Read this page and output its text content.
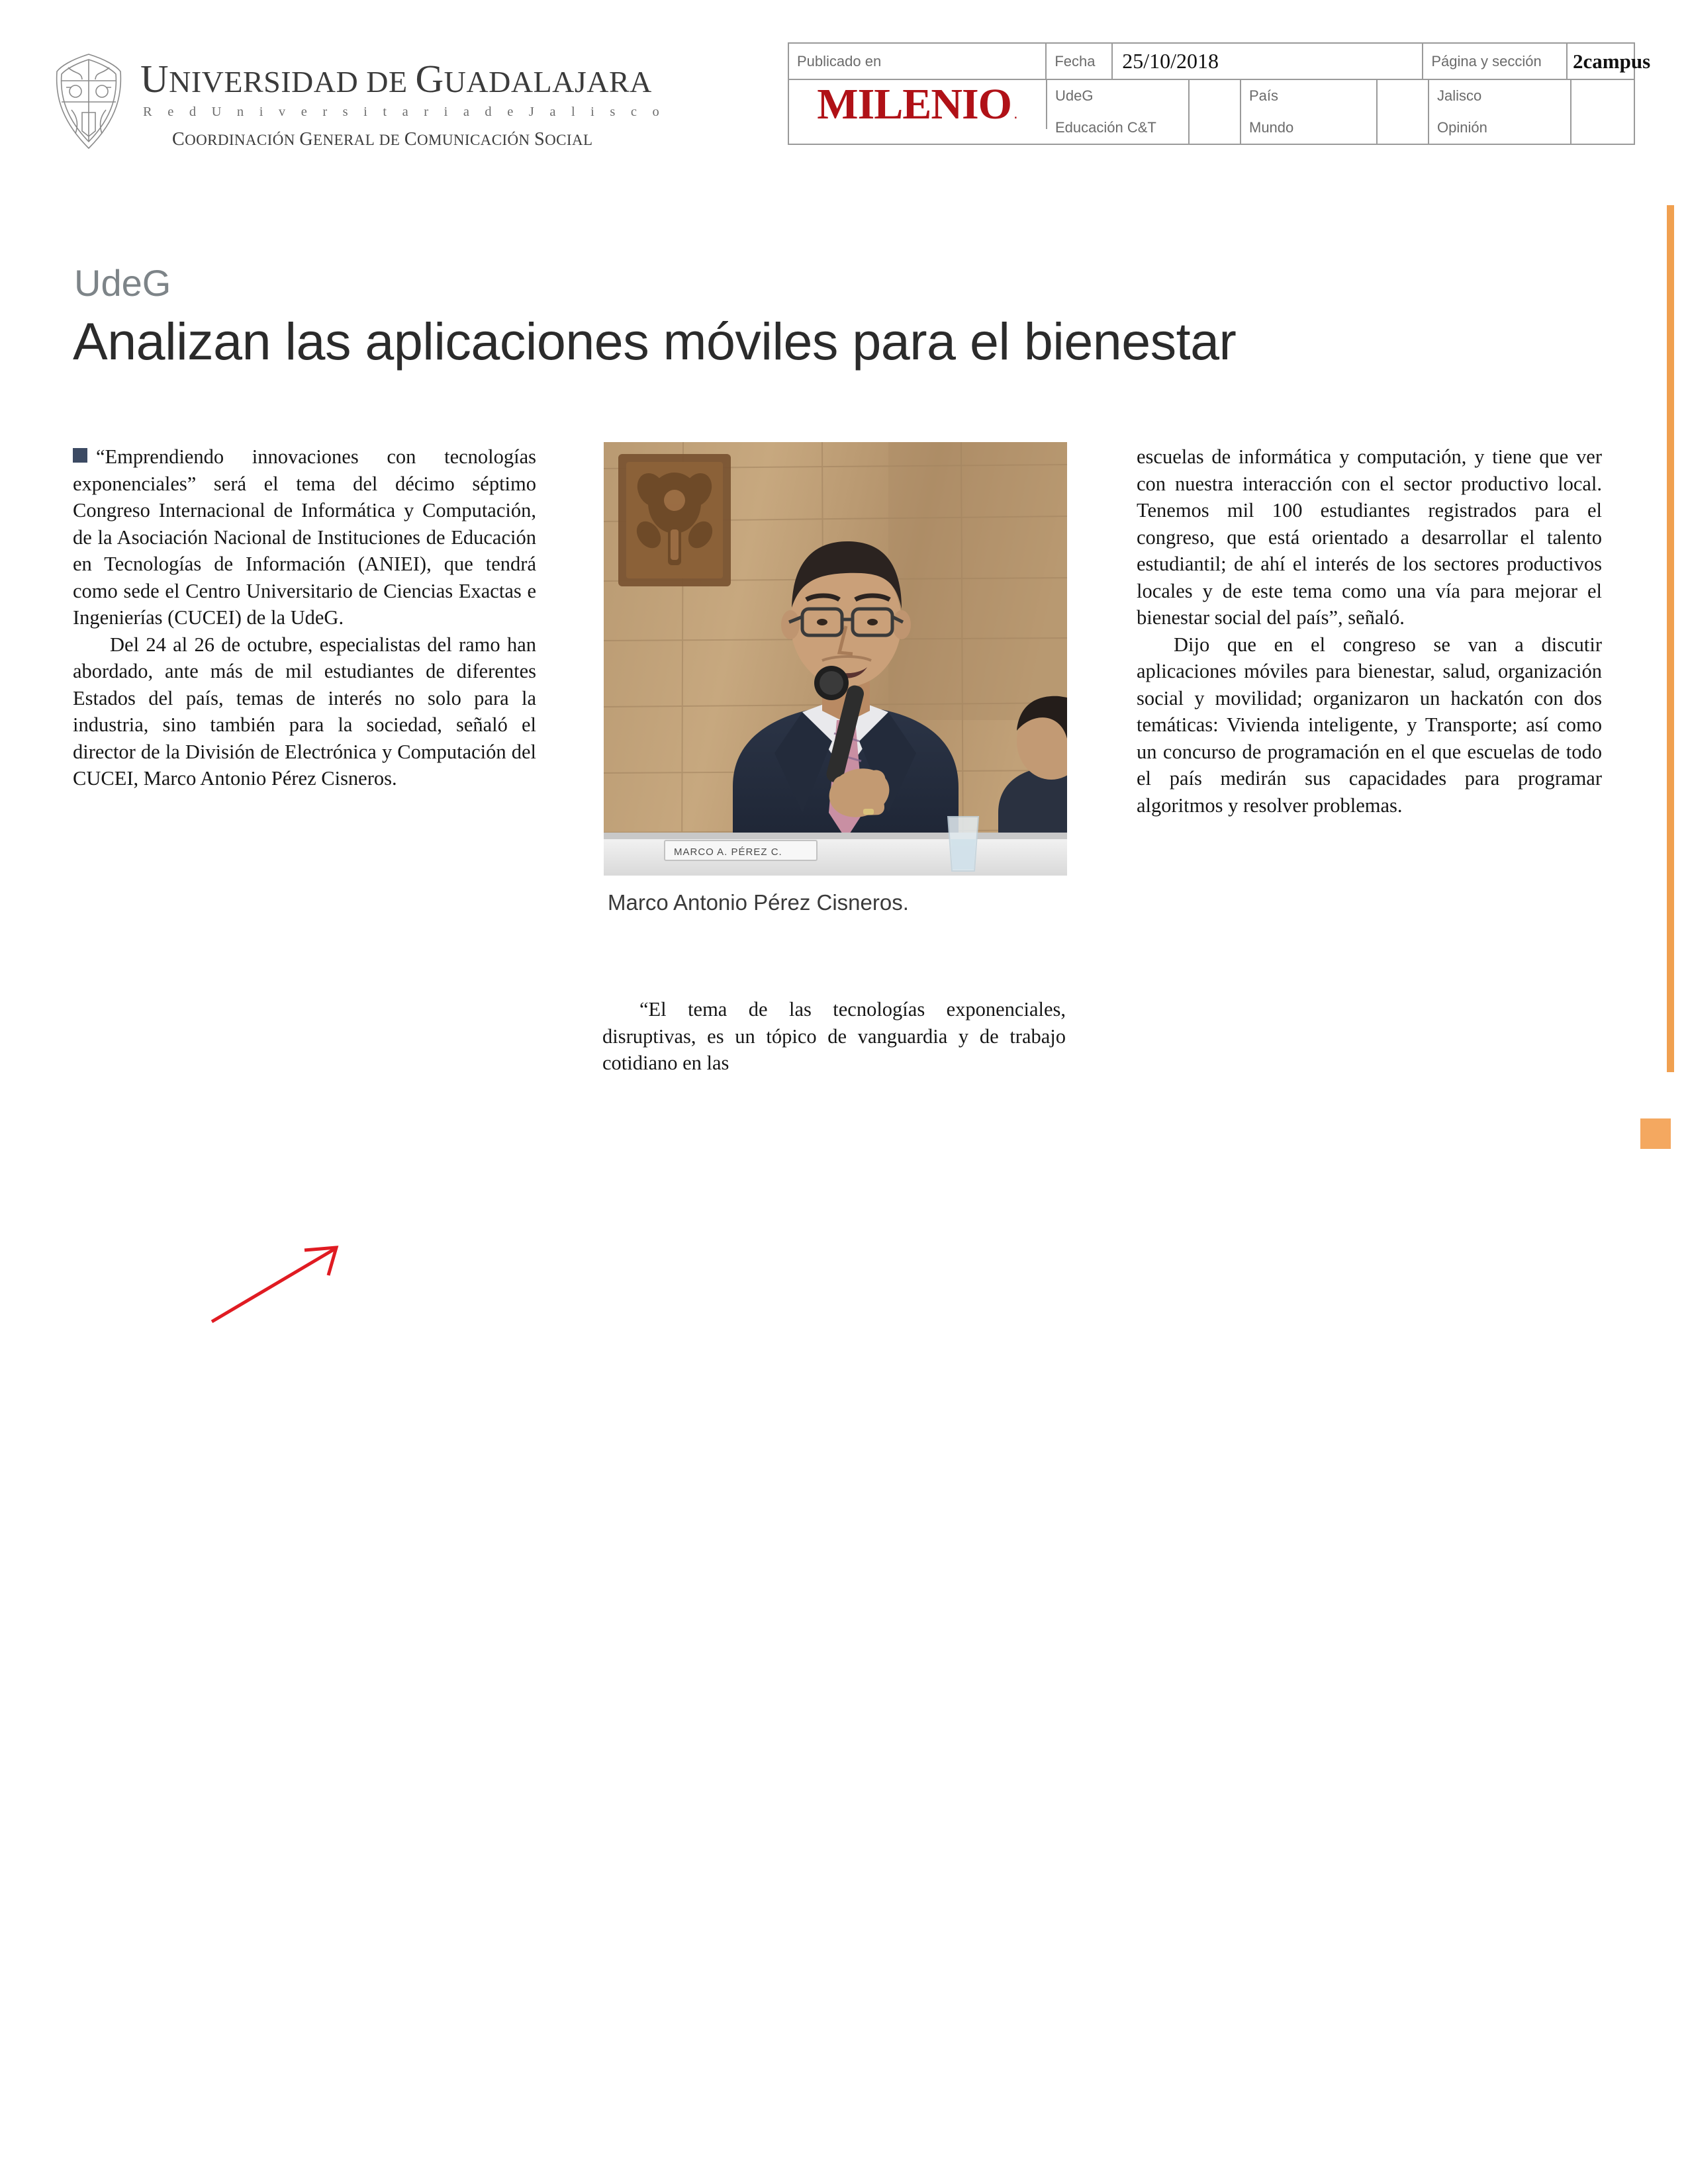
UNIVERSIDAD DE GUADALAJARA
R e d U n i v e r s i t a r i a d e J a l i s c o
COORDINACIÓN GENERAL DE COMUNICACIÓN SOCIAL
Publicado en	Fecha	25/10/2018	Página y sección	2campus
MILENIO .
UdeG	País	Jalisco
Educación C&T	Mundo	Opinión
UdeG
Analizan las aplicaciones móviles para el bienestar

“Emprendiendo innovaciones con tecnologías exponenciales” será el tema del décimo séptimo Congreso Internacional de Informática y Computación, de la Asociación Nacional de Instituciones de Educación en Tecnologías de Información (ANIEI), que tendrá como sede el Centro Universitario de Ciencias Exactas e Ingenierías (CUCEI) de la UdeG.

Del 24 al 26 de octubre, especialistas del ramo han abordado, ante más de mil estudiantes de diferentes Estados del país, temas de interés no solo para la industria, sino también para la sociedad, señaló el director de la División de Electrónica y Computación del CUCEI, Marco Antonio Pérez Cisneros.

“El tema de las tecnologías exponenciales, disruptivas, es un tópico de vanguardia y de trabajo cotidiano en las

escuelas de informática y computación, y tiene que ver con nuestra interacción con el sector productivo local. Tenemos mil 100 estudiantes registrados para el congreso, que está orientado a desarrollar el talento estudiantil; de ahí el interés de los sectores productivos locales y de este tema como una vía para mejorar el bienestar social del país”, señaló.

Dijo que en el congreso se van a discutir aplicaciones móviles para bienestar, salud, organización social y movilidad; organizaron un hackatón con dos temáticas: Vivienda inteligente, y Transporte; así como un concurso de programación en el que escuelas de todo el país medirán sus capacidades para programar algoritmos y resolver problemas.

MARCO A. PÉREZ C.
Marco Antonio Pérez Cisneros.
